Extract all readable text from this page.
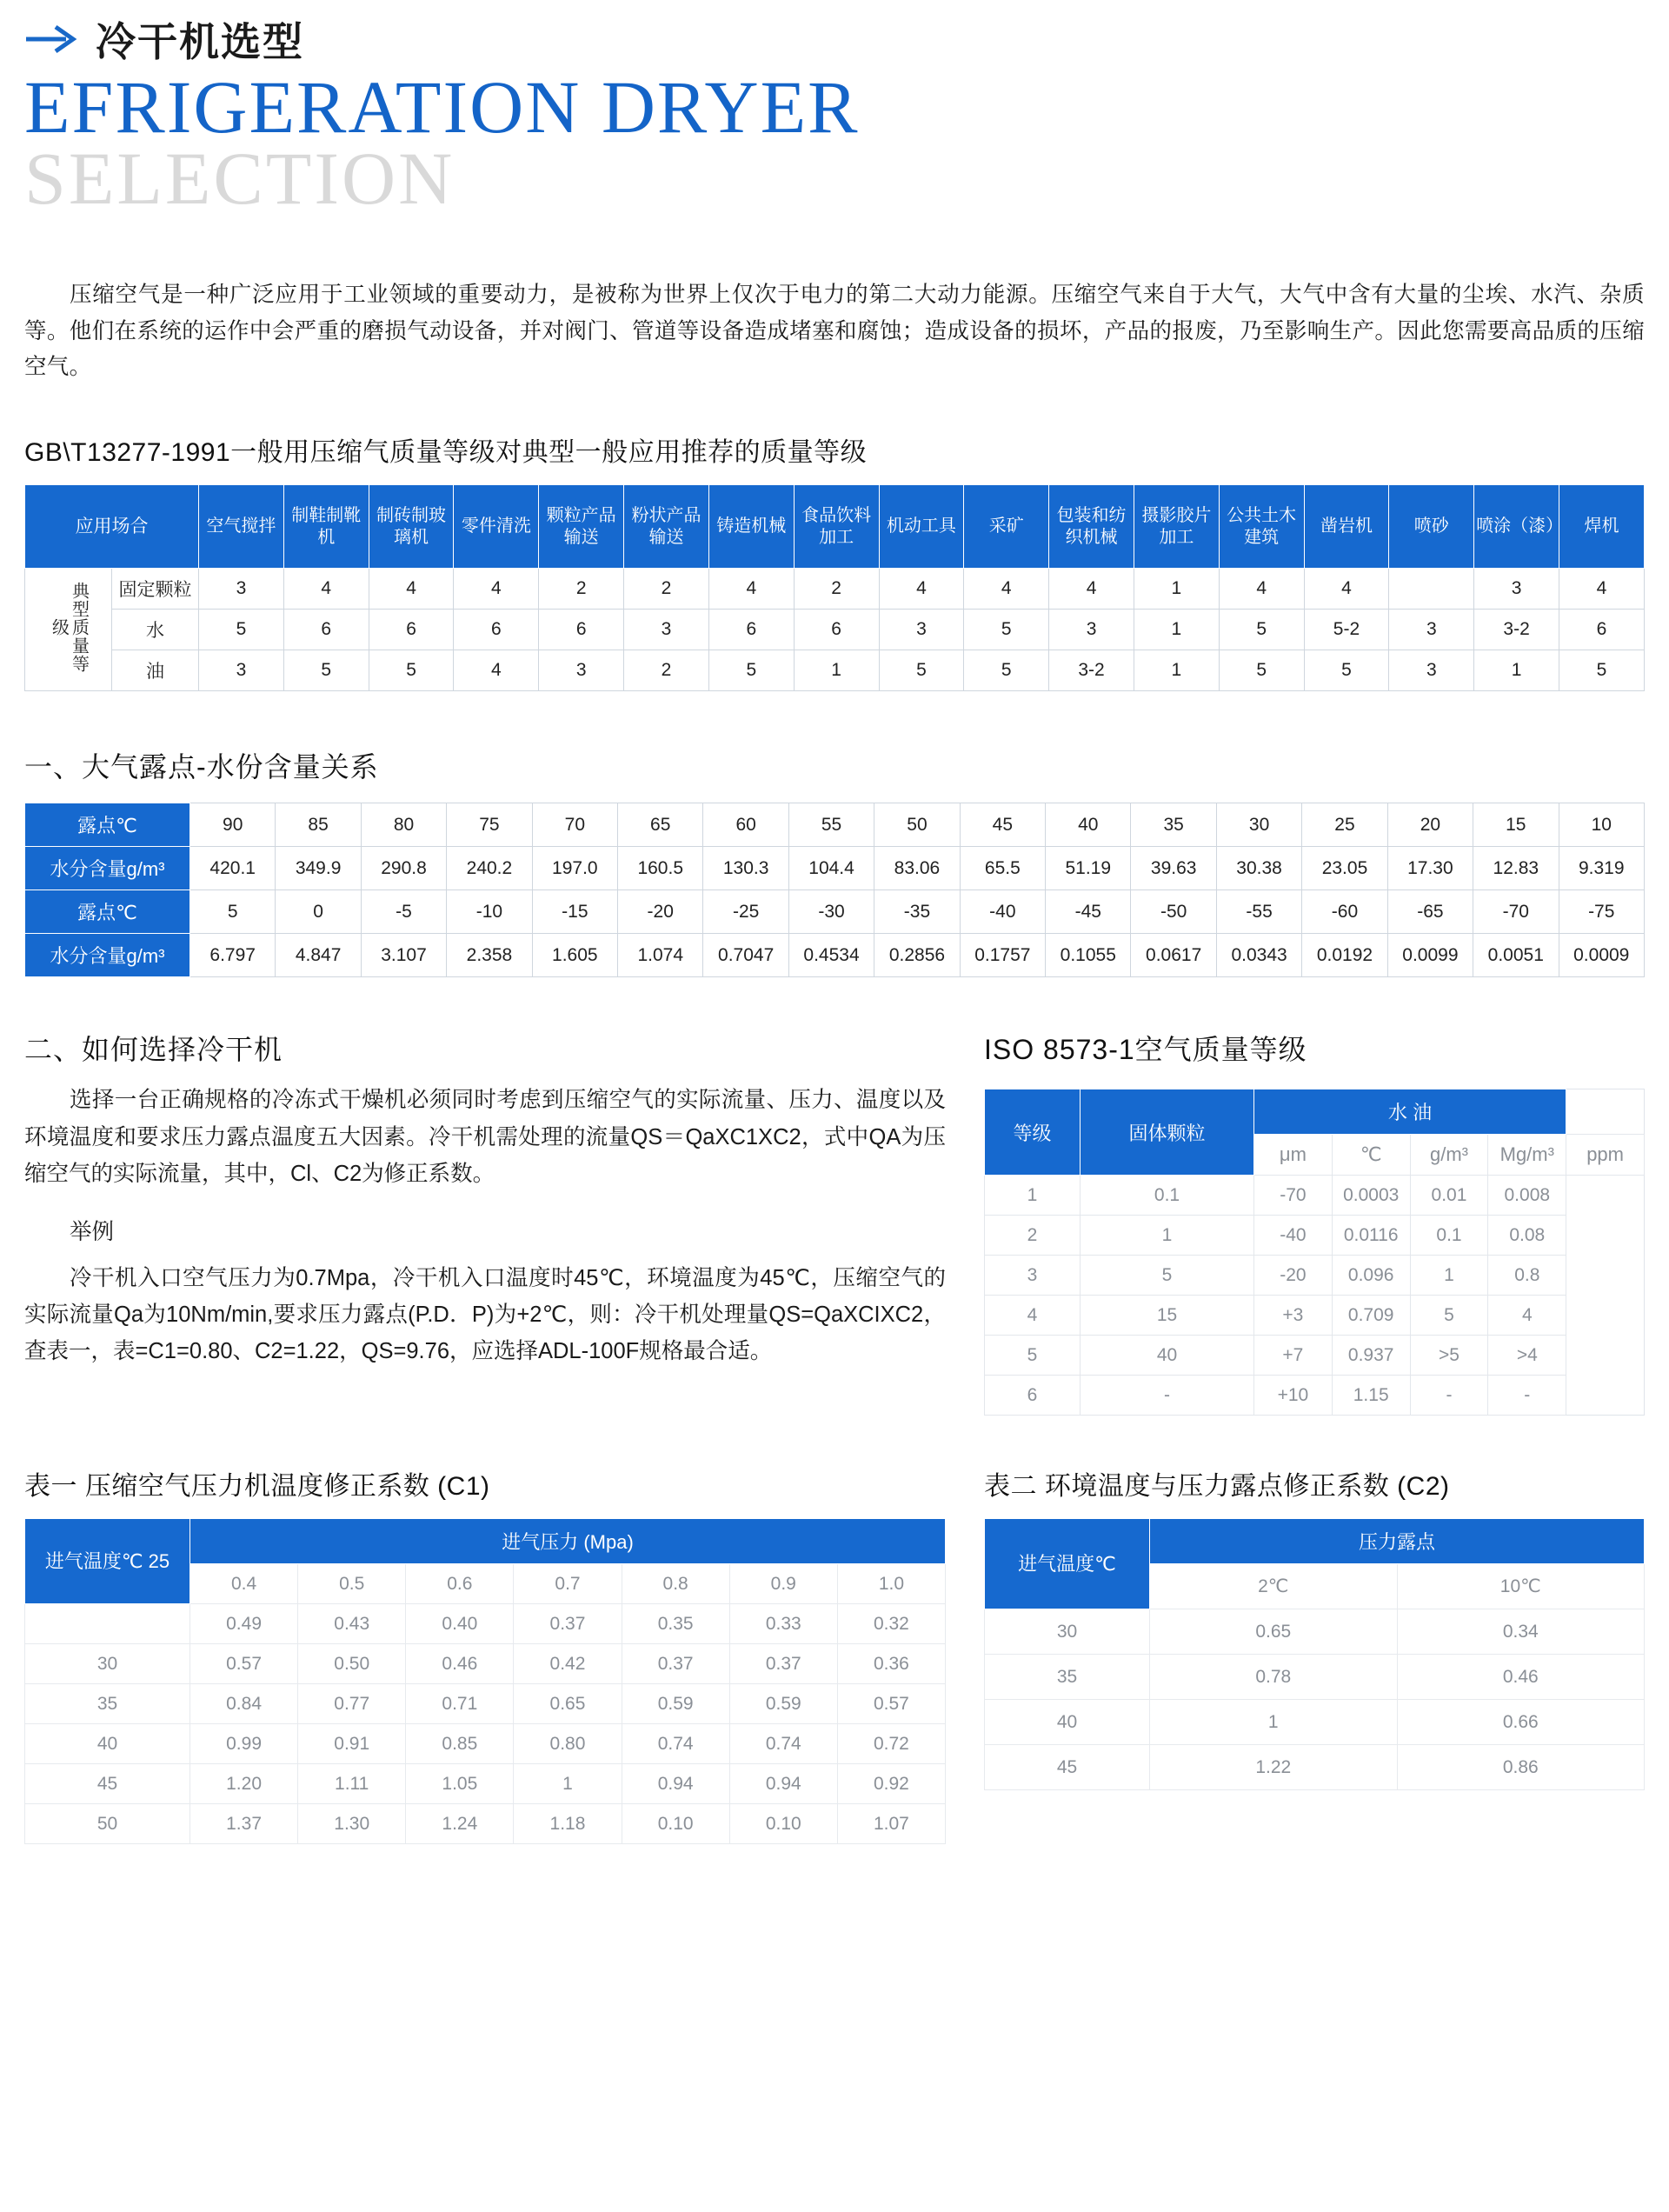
冷干机选型
EFRIGERATION DRYER
SELECTION

压缩空气是一种广泛应用于工业领域的重要动力，是被称为世界上仅次于电力的第二大动力能源。压缩空气来自于大气，大气中含有大量的尘埃、水汽、杂质等。他们在系统的运作中会严重的磨损气动设备，并对阀门、管道等设备造成堵塞和腐蚀；造成设备的损坏，产品的报废，乃至影响生产。因此您需要高品质的压缩空气。

GB\T13277-1991一般用压缩气质量等级对典型一般应用推荐的质量等级
应用场合		空气搅拌	制鞋制靴机	制砖制玻璃机	零件清洗	颗粒产品输送	粉状产品输送	铸造机械	食品饮料加工	机动工具	采矿	包装和纺织机械	摄影胶片加工	公共土木建筑	凿岩机	喷砂	喷涂（漆）	焊机
典型质量等级	固定颗粒	3	4	4	4	2	2	4	2	4	4	4	1	4	4		3	4
	水	5	6	6	6	6	3	6	6	3	5	3	1	5	5-2	3	3-2	6
	油	3	5	5	4	3	2	5	1	5	5	3-2	1	5	5	3	1	5
一、大气露点-水份含量关系
露点℃	90	85	80	75	70	65	60	55	50	45	40	35	30	25	20	15	10
水分含量g/m³	420.1	349.9	290.8	240.2	197.0	160.5	130.3	104.4	83.06	65.5	51.19	39.63	30.38	23.05	17.30	12.83	9.319
露点℃	5	0	-5	-10	-15	-20	-25	-30	-35	-40	-45	-50	-55	-60	-65	-70	-75
水分含量g/m³	6.797	4.847	3.107	2.358	1.605	1.074	0.7047	0.4534	0.2856	0.1757	0.1055	0.0617	0.0343	0.0192	0.0099	0.0051	0.0009
二、如何选择冷干机

选择一台正确规格的冷冻式干燥机必须同时考虑到压缩空气的实际流量、压力、温度以及环境温度和要求压力露点温度五大因素。冷干机需处理的流量QS＝QaXC1XC2，式中QA为压缩空气的实际流量，其中，Cl、C2为修正系数。

举例

冷干机入口空气压力为0.7Mpa，冷干机入口温度时45℃，环境温度为45℃，压缩空气的实际流量Qa为10Nm/min,要求压力露点(P.D．P)为+2℃，则：冷干机处理量QS=QaXCIXC2，查表一，表=C1=0.80、C2=1.22，QS=9.76，应选择ADL-100F规格最合适。

ISO 8573-1空气质量等级
等级	固体颗粒	水 油				
		μm	℃	g/m³	Mg/m³	ppm
1	0.1	-70	0.0003	0.01	0.008	
2	1	-40	0.0116	0.1	0.08	
3	5	-20	0.096	1	0.8	
4	15	+3	0.709	5	4	
5	40	+7	0.937	>5	>4	
6	-	+10	1.15	-	-	
表一 压缩空气压力机温度修正系数 (C1)
进气温度℃ 25	进气压力 (Mpa)						
	0.4	0.5	0.6	0.7	0.8	0.9	1.0
	0.49	0.43	0.40	0.37	0.35	0.33	0.32
30	0.57	0.50	0.46	0.42	0.37	0.37	0.36
35	0.84	0.77	0.71	0.65	0.59	0.59	0.57
40	0.99	0.91	0.85	0.80	0.74	0.74	0.72
45	1.20	1.11	1.05	1	0.94	0.94	0.92
50	1.37	1.30	1.24	1.18	0.10	0.10	1.07
表二 环境温度与压力露点修正系数 (C2)
进气温度℃	压力露点	
	2℃	10℃
30	0.65	0.34
35	0.78	0.46
40	1	0.66
45	1.22	0.86
